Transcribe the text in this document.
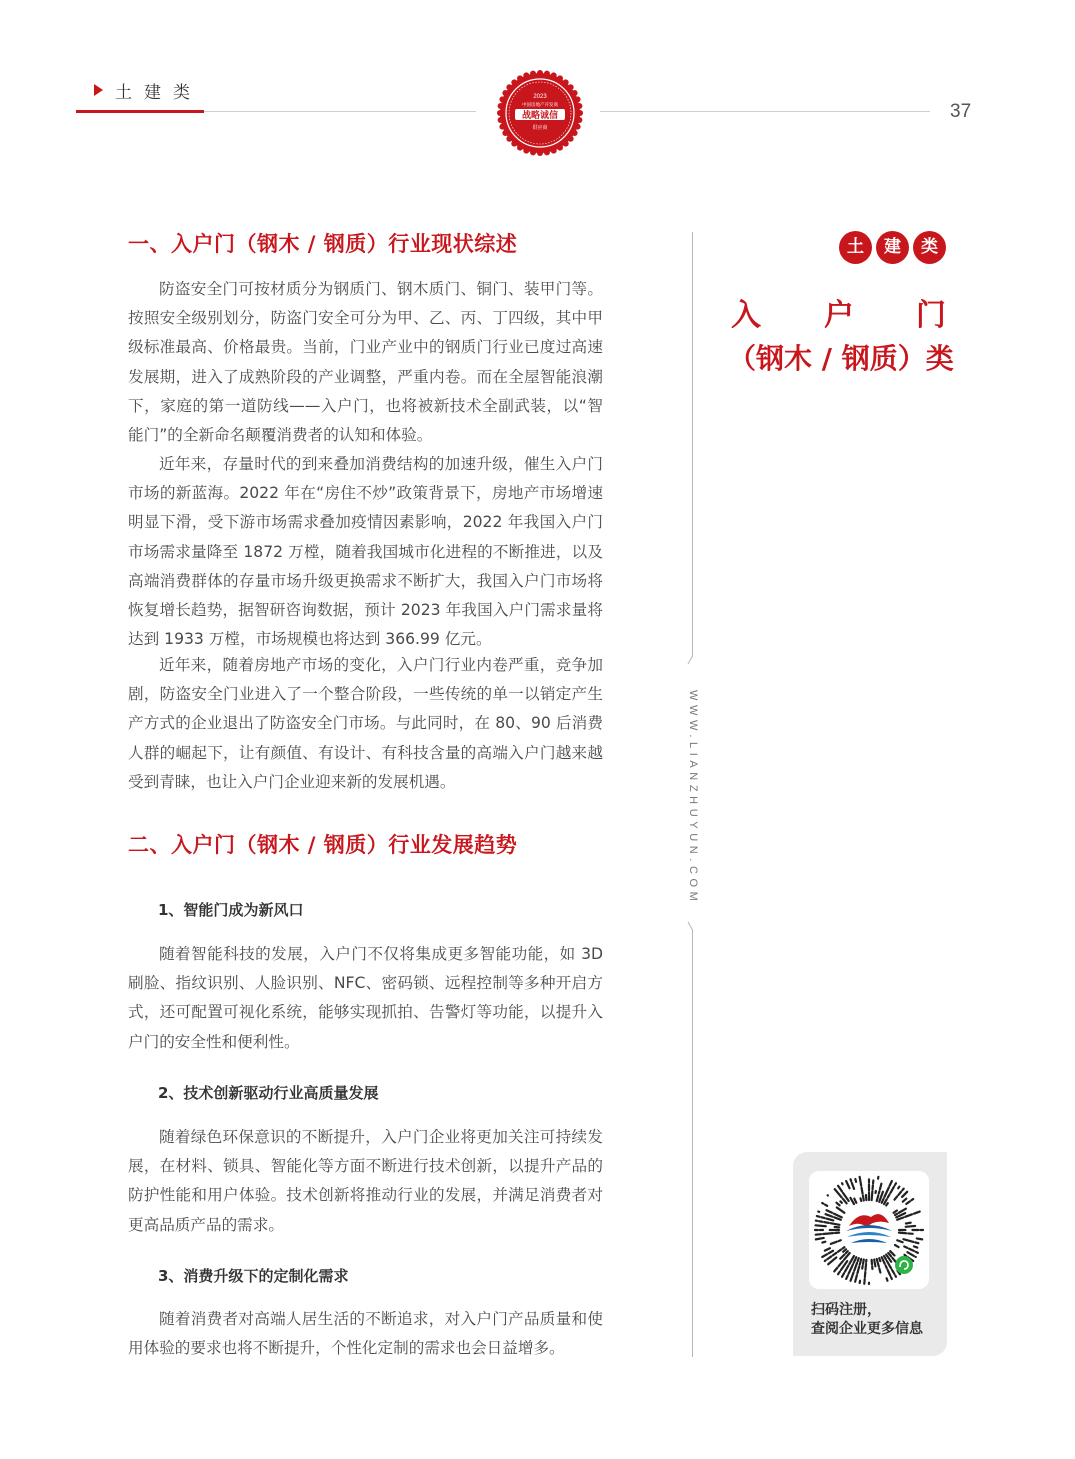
土建类
37
2023
中国房地产开发商
战略诚信
供应商
一、入户门（钢木 / 钢质）行业现状综述

防盗安全门可按材质分为钢质门、钢木质门、铜门、装甲门等。按照安全级别划分，防盗门安全可分为甲、乙、丙、丁四级，其中甲级标准最高、价格最贵。当前，门业产业中的钢质门行业已度过高速发展期，进入了成熟阶段的产业调整，严重内卷。而在全屋智能浪潮下，家庭的第一道防线——入户门，也将被新技术全副武装，以“智能门”的全新命名颠覆消费者的认知和体验。

近年来，存量时代的到来叠加消费结构的加速升级，催生入户门市场的新蓝海。2022 年在“房住不炒”政策背景下，房地产市场增速明显下滑，受下游市场需求叠加疫情因素影响，2022 年我国入户门市场需求量降至 1872 万樘，随着我国城市化进程的不断推进，以及高端消费群体的存量市场升级更换需求不断扩大，我国入户门市场将恢复增长趋势，据智研咨询数据，预计 2023 年我国入户门需求量将达到 1933 万樘，市场规模也将达到 366.99 亿元。

近年来，随着房地产市场的变化，入户门行业内卷严重，竞争加剧，防盗安全门业进入了一个整合阶段，一些传统的单一以销定产生产方式的企业退出了防盗安全门市场。与此同时，在 80、90 后消费人群的崛起下，让有颜值、有设计、有科技含量的高端入户门越来越受到青睐，也让入户门企业迎来新的发展机遇。

二、入户门（钢木 / 钢质）行业发展趋势
1、智能门成为新风口

随着智能科技的发展，入户门不仅将集成更多智能功能，如 3D 刷脸、指纹识别、人脸识别、NFC、密码锁、远程控制等多种开启方式，还可配置可视化系统，能够实现抓拍、告警灯等功能，以提升入户门的安全性和便利性。

2、技术创新驱动行业高质量发展

随着绿色环保意识的不断提升，入户门企业将更加关注可持续发展，在材料、锁具、智能化等方面不断进行技术创新，以提升产品的防护性能和用户体验。技术创新将推动行业的发展，并满足消费者对更高品质产品的需求。

3、消费升级下的定制化需求

随着消费者对高端人居生活的不断追求，对入户门产品质量和使用体验的要求也将不断提升，个性化定制的需求也会日益增多。

WWW.LIANZHUYUN.COM
土	建	类
入 户 门
（钢木 / 钢质）类
扫码注册，
查阅企业更多信息
